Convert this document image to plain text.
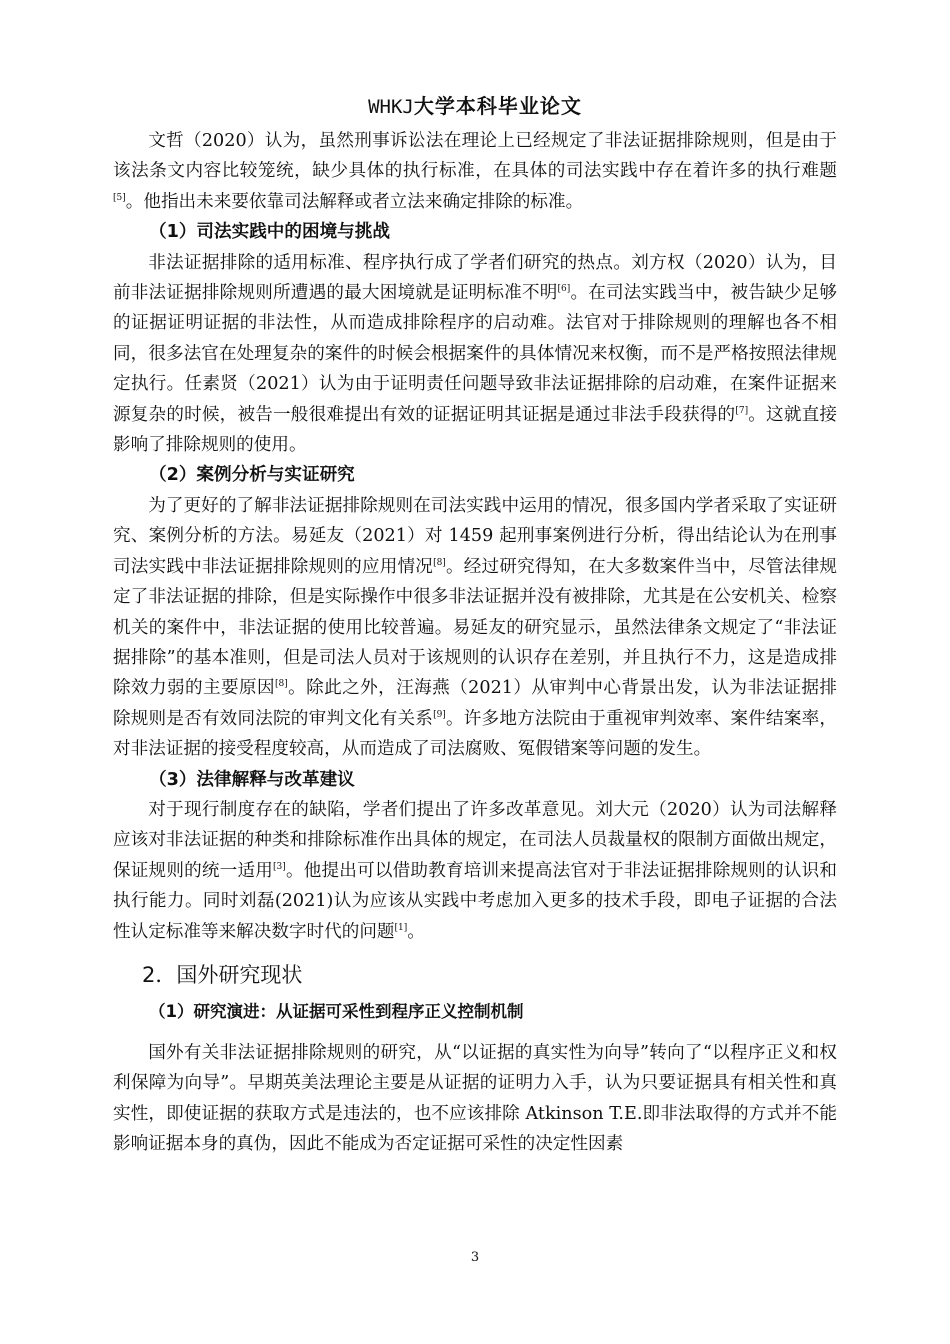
WHKJ大学本科毕业论文

文哲（2020）认为，虽然刑事诉讼法在理论上已经规定了非法证据排除规则，但是由于该法条文内容比较笼统，缺少具体的执行标准，在具体的司法实践中存在着许多的执行难题[5]。他指出未来要依靠司法解释或者立法来确定排除的标准。

（1）司法实践中的困境与挑战

非法证据排除的适用标准、程序执行成了学者们研究的热点。刘方权（2020）认为，目前非法证据排除规则所遭遇的最大困境就是证明标准不明[6]。在司法实践当中，被告缺少足够的证据证明证据的非法性，从而造成排除程序的启动难。法官对于排除规则的理解也各不相同，很多法官在处理复杂的案件的时候会根据案件的具体情况来权衡，而不是严格按照法律规定执行。任素贤（2021）认为由于证明责任问题导致非法证据排除的启动难，在案件证据来源复杂的时候，被告一般很难提出有效的证据证明其证据是通过非法手段获得的[7]。这就直接影响了排除规则的使用。

（2）案例分析与实证研究

为了更好的了解非法证据排除规则在司法实践中运用的情况，很多国内学者采取了实证研究、案例分析的方法。易延友（2021）对 1459 起刑事案例进行分析，得出结论认为在刑事司法实践中非法证据排除规则的应用情况[8]。经过研究得知，在大多数案件当中，尽管法律规定了非法证据的排除，但是实际操作中很多非法证据并没有被排除，尤其是在公安机关、检察机关的案件中，非法证据的使用比较普遍。易延友的研究显示，虽然法律条文规定了“非法证据排除”的基本准则，但是司法人员对于该规则的认识存在差别，并且执行不力，这是造成排除效力弱的主要原因[8]。除此之外，汪海燕（2021）从审判中心背景出发，认为非法证据排除规则是否有效同法院的审判文化有关系[9]。许多地方法院由于重视审判效率、案件结案率，对非法证据的接受程度较高，从而造成了司法腐败、冤假错案等问题的发生。

（3）法律解释与改革建议

对于现行制度存在的缺陷，学者们提出了许多改革意见。刘大元（2020）认为司法解释应该对非法证据的种类和排除标准作出具体的规定，在司法人员裁量权的限制方面做出规定，保证规则的统一适用[3]。他提出可以借助教育培训来提高法官对于非法证据排除规则的认识和执行能力。同时刘磊(2021)认为应该从实践中考虑加入更多的技术手段，即电子证据的合法性认定标准等来解决数字时代的问题[1]。

2．国外研究现状

（1）研究演进：从证据可采性到程序正义控制机制

国外有关非法证据排除规则的研究，从“以证据的真实性为向导”转向了“以程序正义和权利保障为向导”。早期英美法理论主要是从证据的证明力入手，认为只要证据具有相关性和真实性，即使证据的获取方式是违法的，也不应该排除 Atkinson T.E.即非法取得的方式并不能影响证据本身的真伪，因此不能成为否定证据可采性的决定性因素

3
